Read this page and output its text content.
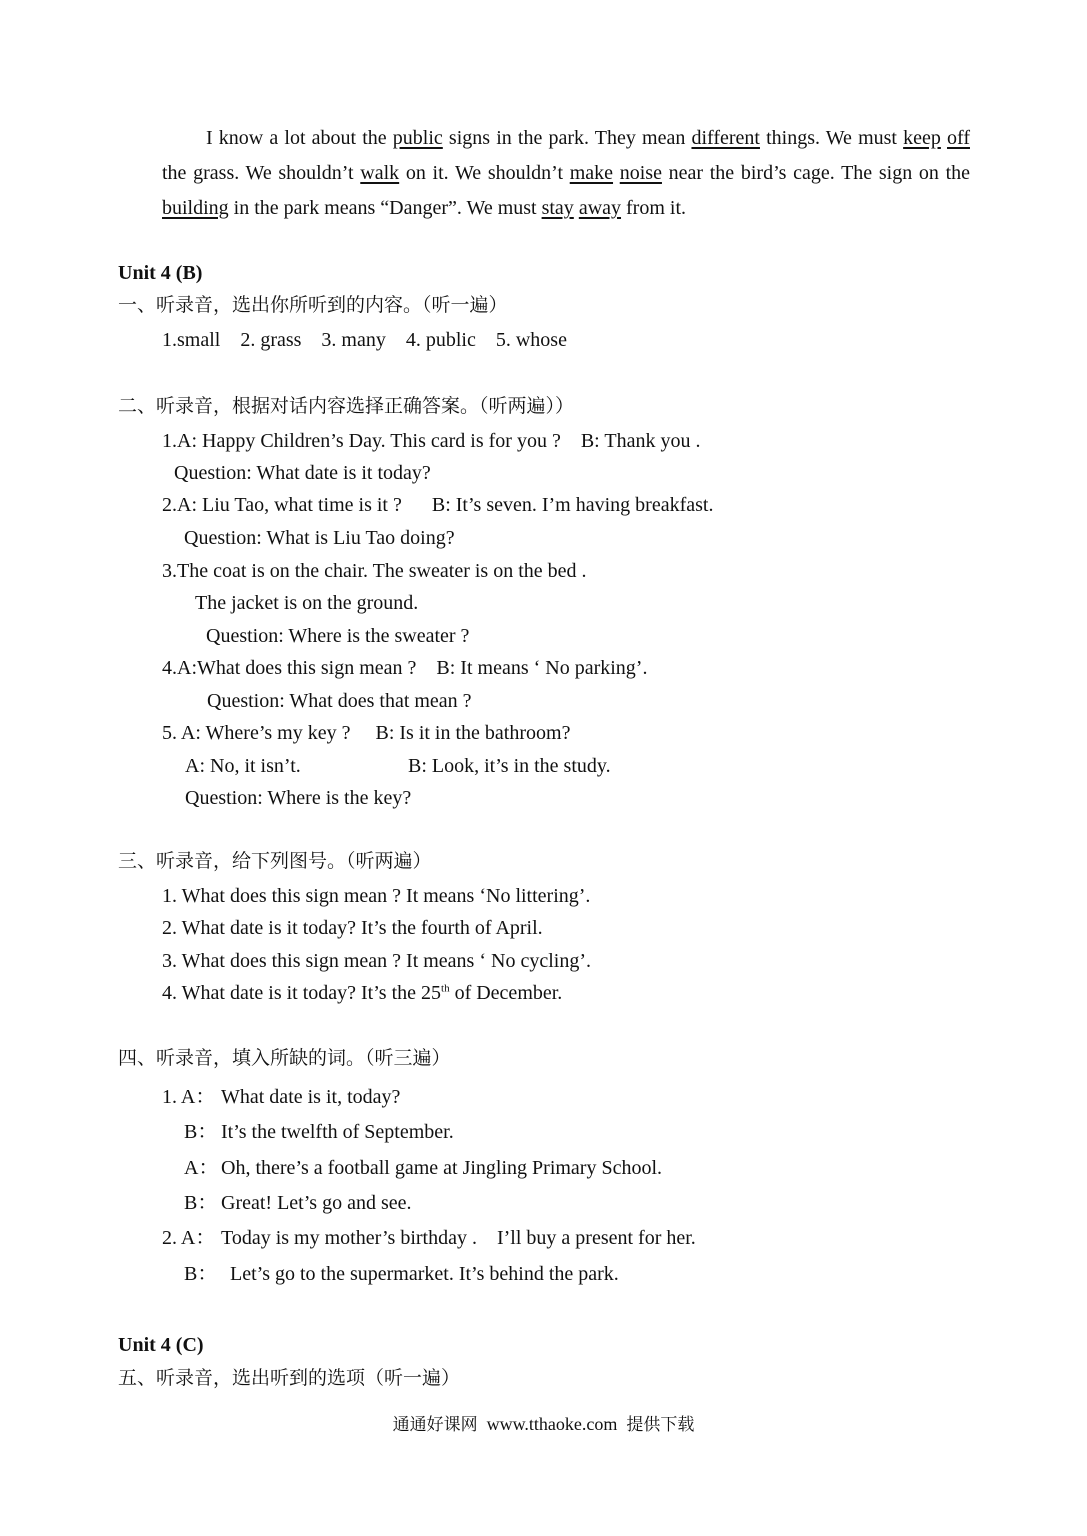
I know a lot about the public signs in the park. They mean different things. We must keep off the grass. We shouldn’t walk on it. We shouldn’t make noise near the bird’s cage. The sign on the building in the park means “Danger”. We must stay away from it.

Unit 4 (B)
一、听录音，选出你所听到的内容。（听一遍）
1.small    2. grass    3. many    4. public    5. whose
二、听录音，根据对话内容选择正确答案。（听两遍））
1.A: Happy Children’s Day. This card is for you ?    B: Thank you .
Question: What date is it today?
2.A: Liu Tao, what time is it ?      B: It’s seven. I’m having breakfast.
Question: What is Liu Tao doing?
3.The coat is on the chair. The sweater is on the bed .
The jacket is on the ground.
Question: Where is the sweater ?
4.A:What does this sign mean ?    B: It means ‘ No parking’.
Question: What does that mean ?
5. A: Where’s my key ?     B: Is it in the bathroom?
A: No, it isn’t.	B: Look, it’s in the study.
Question: Where is the key?
三、听录音，给下列图号。（听两遍）
1. What does this sign mean ? It means ‘No littering’.
2. What date is it today? It’s the fourth of April.
3. What does this sign mean ? It means ‘ No cycling’.
4. What date is it today? It’s the 25th of December.
四、听录音，填入所缺的词。（听三遍）
1. A： What date is it, today?
B： It’s the twelfth of September.
A： Oh, there’s a football game at Jingling Primary School.
B： Great! Let’s go and see.
2. A： Today is my mother’s birthday .    I’ll buy a present for her.
B： Let’s go to the supermarket. It’s behind the park.
Unit 4 (C)
五、听录音，选出听到的选项（听一遍）
通通好课网 www.tthaoke.com 提供下载
